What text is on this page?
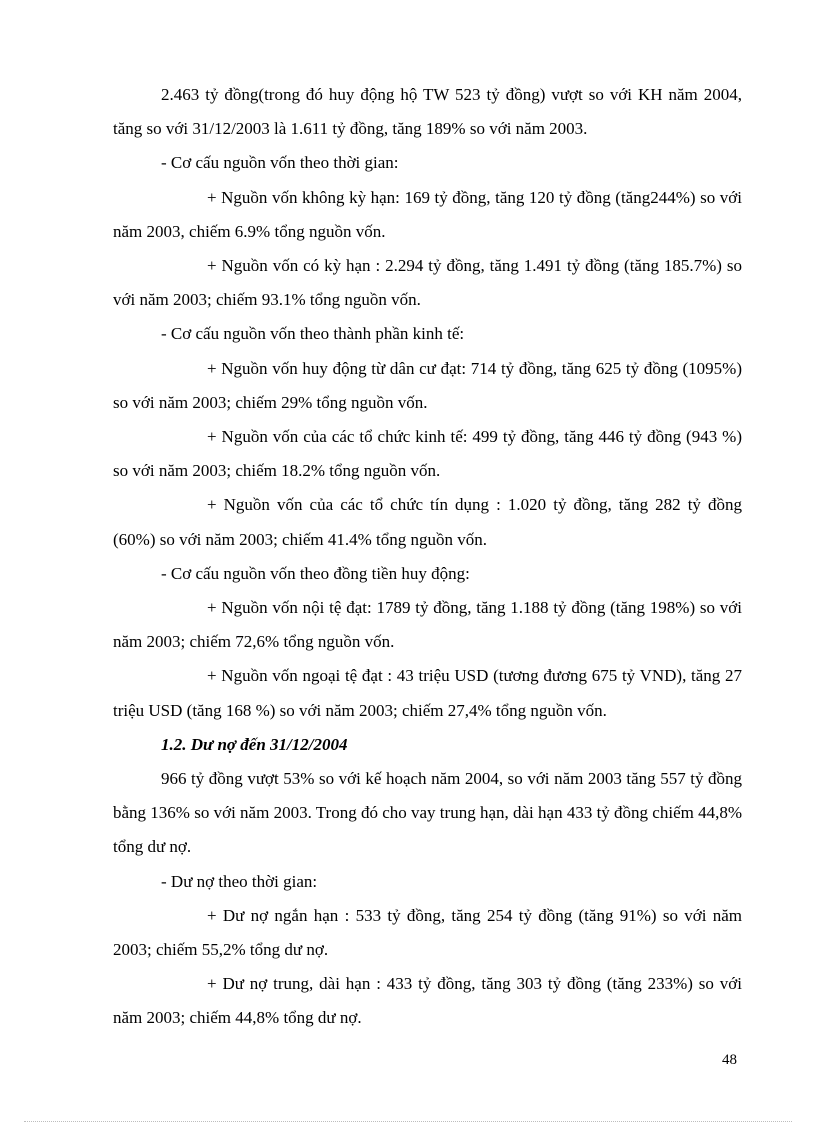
2.463 tỷ đồng(trong đó huy động hộ TW 523 tỷ đồng) vượt so với KH năm 2004, tăng so với 31/12/2003 là 1.611 tỷ đồng, tăng 189% so với năm 2003.

- Cơ cấu nguồn vốn theo thời gian:

+ Nguồn vốn không kỳ hạn: 169 tỷ đồng, tăng 120 tỷ đồng (tăng244%) so với năm 2003, chiếm 6.9% tổng nguồn vốn.

+ Nguồn vốn có kỳ hạn : 2.294 tỷ đồng, tăng 1.491 tỷ đồng (tăng 185.7%) so với năm 2003; chiếm 93.1% tổng nguồn vốn.

- Cơ cấu nguồn vốn theo thành phần kinh tế:

+ Nguồn vốn huy động từ dân cư đạt: 714 tỷ đồng, tăng 625 tỷ đồng (1095%) so với năm 2003; chiếm 29% tổng nguồn vốn.

+ Nguồn vốn của các tổ chức kinh tế: 499 tỷ đồng, tăng 446 tỷ đồng (943 %) so với năm 2003; chiếm 18.2% tổng nguồn vốn.

+ Nguồn vốn của các tổ chức tín dụng : 1.020 tỷ đồng, tăng 282 tỷ đồng (60%) so với năm 2003; chiếm 41.4% tổng nguồn vốn.

- Cơ cấu nguồn vốn theo đồng tiền huy động:

+ Nguồn vốn nội tệ đạt: 1789 tỷ đồng, tăng 1.188 tỷ đồng (tăng 198%) so với năm 2003; chiếm 72,6% tổng nguồn vốn.

+ Nguồn vốn ngoại tệ đạt : 43 triệu USD (tương đương 675 tỷ VND), tăng 27 triệu USD (tăng 168 %) so với năm 2003; chiếm 27,4% tổng nguồn vốn.

1.2. Dư nợ đến 31/12/2004

966 tỷ đồng vượt 53% so với kế hoạch năm 2004, so với năm 2003 tăng 557 tỷ đồng bằng 136% so với năm 2003. Trong đó cho vay trung hạn, dài hạn 433 tỷ đồng chiếm 44,8% tổng dư nợ.

- Dư nợ theo thời gian:

+ Dư nợ ngắn hạn : 533 tỷ đồng, tăng 254 tỷ đồng (tăng 91%) so với năm 2003; chiếm 55,2% tổng dư nợ.

+ Dư nợ trung, dài hạn : 433 tỷ đồng, tăng 303 tỷ đồng (tăng 233%) so với năm 2003; chiếm 44,8% tổng dư nợ.

48
